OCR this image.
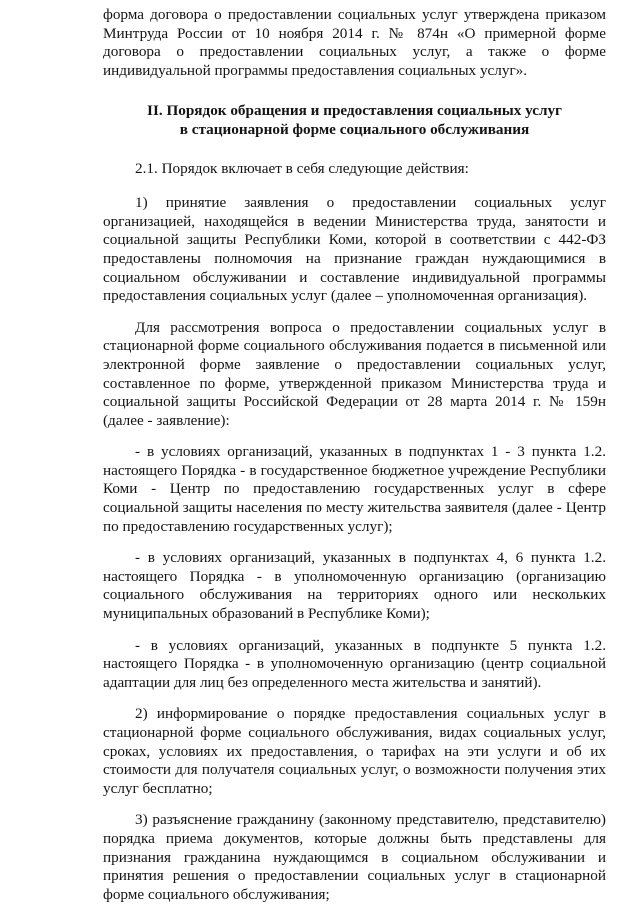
форма договора о предоставлении социальных услуг утверждена приказом Минтруда России от 10 ноября 2014 г. № 874н «О примерной форме договора о предоставлении социальных услуг, а также о форме индивидуальной программы предоставления социальных услуг».

II. Порядок обращения и предоставления социальных услуг
в стационарной форме социального обслуживания

2.1. Порядок включает в себя следующие действия:

1) принятие заявления о предоставлении социальных услуг организацией, находящейся в ведении Министерства труда, занятости и социальной защиты Республики Коми, которой в соответствии с 442-ФЗ предоставлены полномочия на признание граждан нуждающимися в социальном обслуживании и составление индивидуальной программы предоставления социальных услуг (далее – уполномоченная организация).

Для рассмотрения вопроса о предоставлении социальных услуг в стационарной форме социального обслуживания подается в письменной или электронной форме заявление о предоставлении социальных услуг, составленное по форме, утвержденной приказом Министерства труда и социальной защиты Российской Федерации от 28 марта 2014 г. № 159н (далее - заявление):

- в условиях организаций, указанных в подпунктах 1 - 3 пункта 1.2. настоящего Порядка - в государственное бюджетное учреждение Республики Коми - Центр по предоставлению государственных услуг в сфере социальной защиты населения по месту жительства заявителя (далее - Центр по предоставлению государственных услуг);

- в условиях организаций, указанных в подпунктах 4, 6 пункта 1.2. настоящего Порядка - в уполномоченную организацию (организацию социального обслуживания на территориях одного или нескольких муниципальных образований в Республике Коми);

- в условиях организаций, указанных в подпункте 5 пункта 1.2. настоящего Порядка - в уполномоченную организацию (центр социальной адаптации для лиц без определенного места жительства и занятий).

2) информирование о порядке предоставления социальных услуг в стационарной форме социального обслуживания, видах социальных услуг, сроках, условиях их предоставления, о тарифах на эти услуги и об их стоимости для получателя социальных услуг, о возможности получения этих услуг бесплатно;

3) разъяснение гражданину (законному представителю, представителю) порядка приема документов, которые должны быть представлены для признания гражданина нуждающимся в социальном обслуживании и принятия решения о предоставлении социальных услуг в стационарной форме социального обслуживания;
